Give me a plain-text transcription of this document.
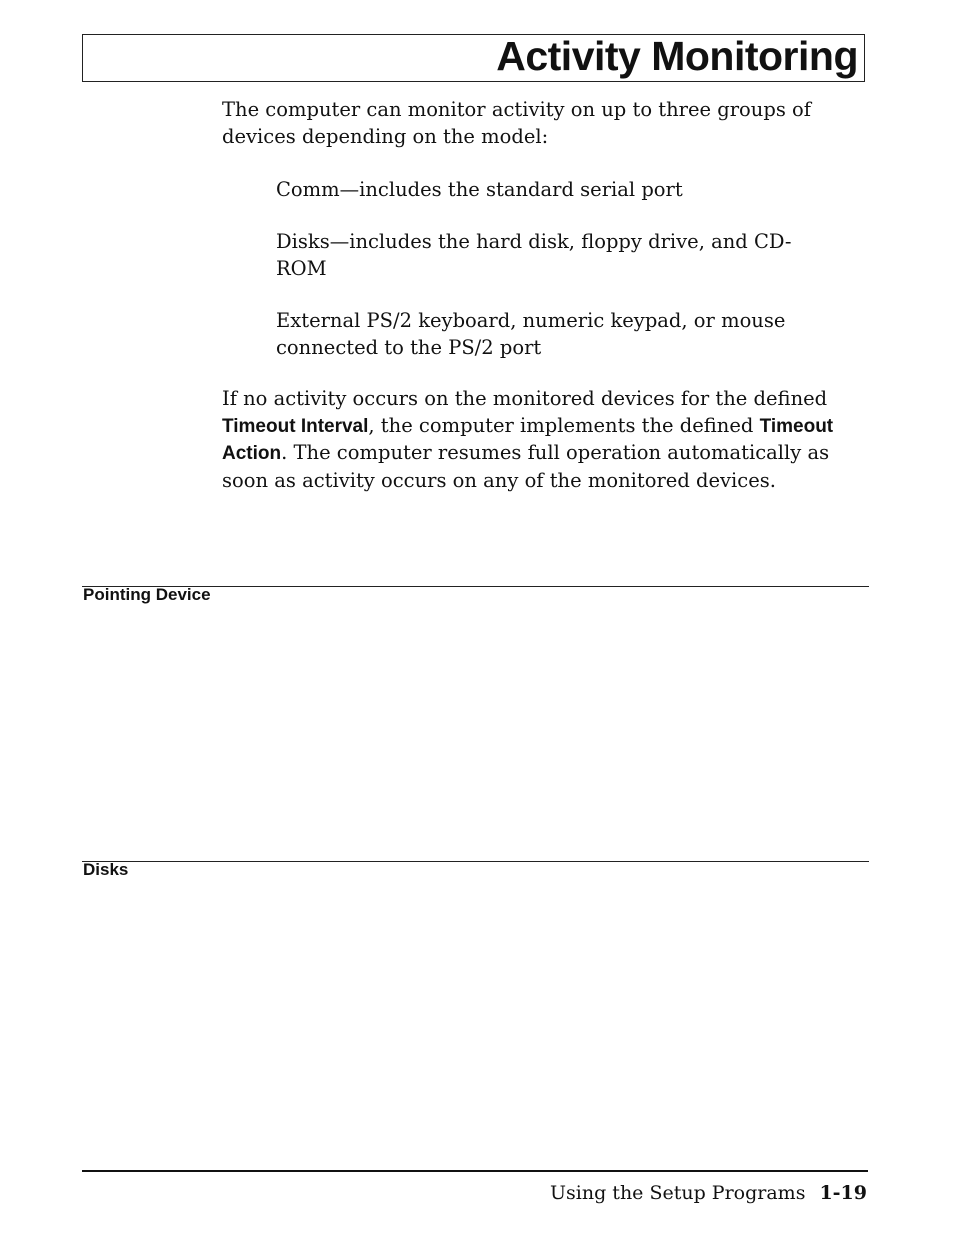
Activity Monitoring

The computer can monitor activity on up to three groups of devices depending on the model:

Comm—includes the standard serial port

Disks—includes the hard disk, floppy drive, and CD-ROM

External PS/2 keyboard, numeric keypad, or mouse connected to the PS/2 port

If no activity occurs on the monitored devices for the defined Timeout Interval, the computer implements the defined Timeout Action. The computer resumes full operation automatically as soon as activity occurs on any of the monitored devices.

Pointing Device
Disks
Using the Setup Programs 1-19
